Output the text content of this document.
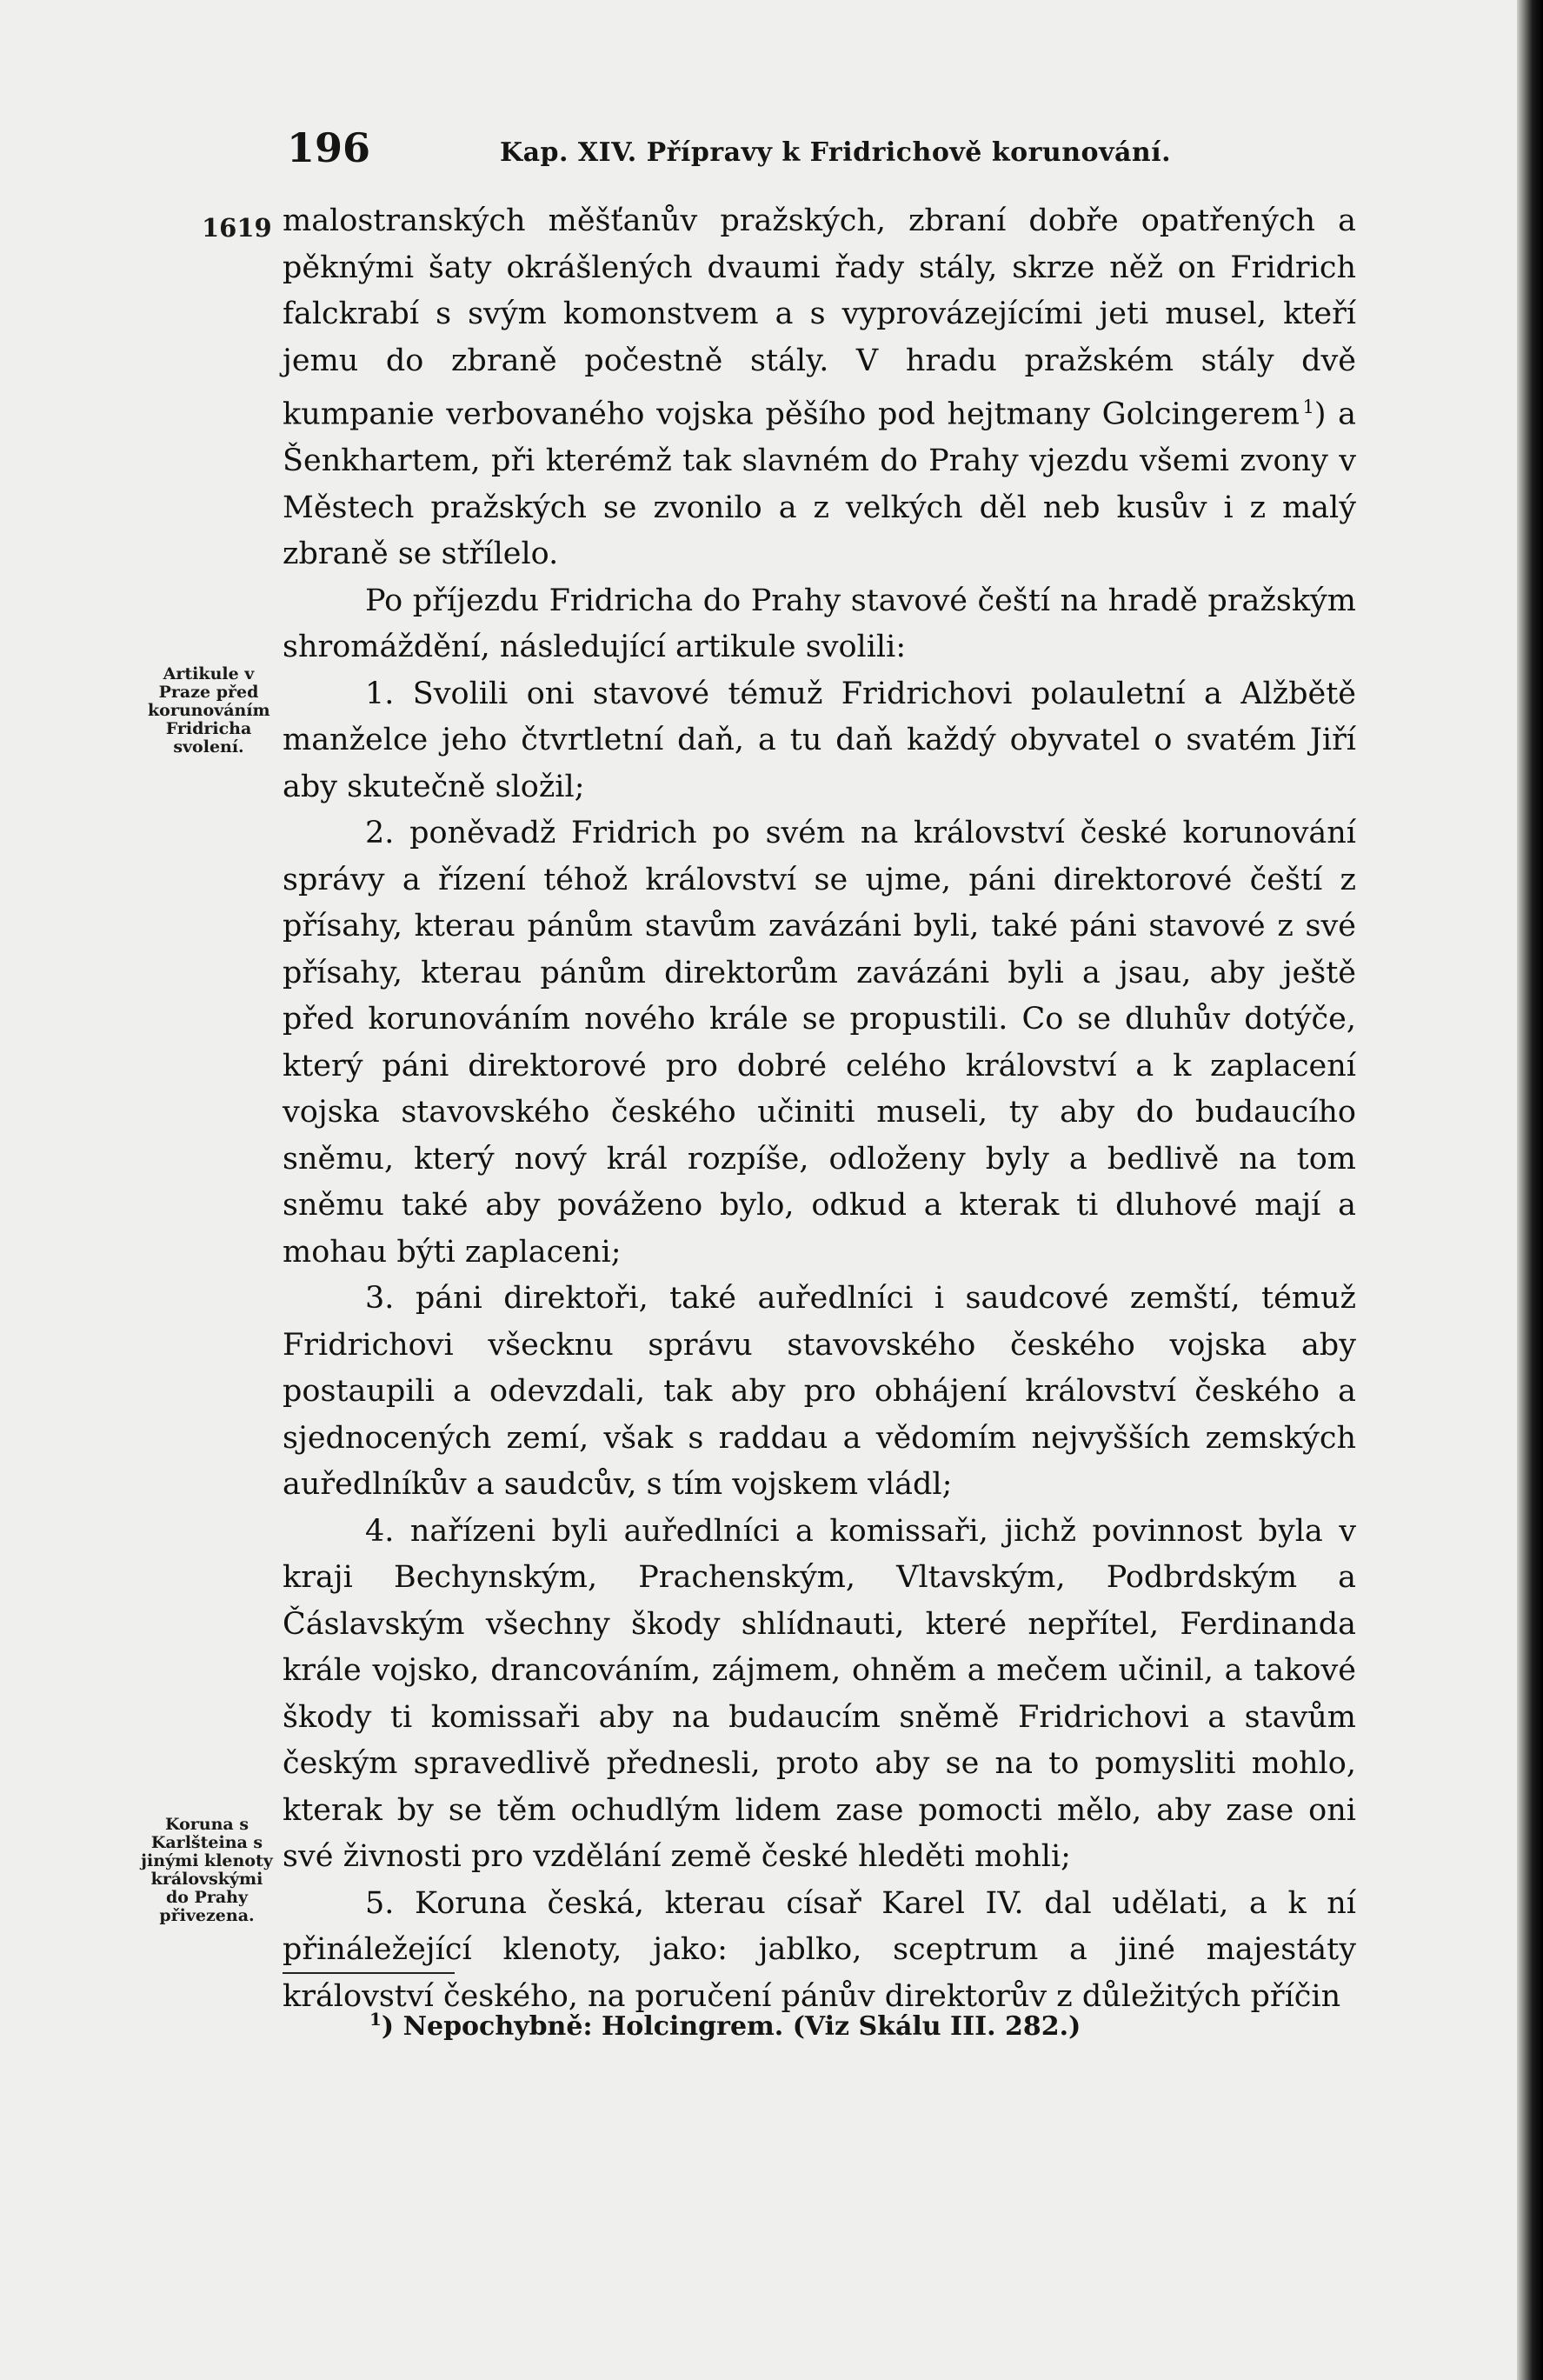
196	Kap. XIV. Přípravy k Fridrichově korunování.
1619
Artikule v Praze před korunováním Fridricha svolení.
Koruna s Karlšteina s jinými klenoty královskými do Prahy přivezena.

malostranských měšťanův pražských, zbraní dobře opatřených a pěknými šaty okrášlených dvaumi řady stály, skrze něž on Fridrich falckrabí s svým komonstvem a s vyprovázejícími jeti musel, kteří jemu do zbraně počestně stály. V hradu pražském stály dvě kumpanie verbovaného vojska pěšího pod hejtmany Golcingerem  $^1$) a Šenkhartem, při kterémž tak slavném do Prahy vjezdu všemi zvony v Městech pražských se zvonilo a z velkých děl neb kusův i z malý zbraně se střílelo.

Po příjezdu Fridricha do Prahy stavové čeští na hradě pražským shromáždění, následující artikule svolili:

1. Svolili oni stavové témuž Fridrichovi polauletní a Alžbětě manželce jeho čtvrtletní daň, a tu daň každý obyvatel o svatém Jiří aby skutečně složil;

2. poněvadž Fridrich po svém na království české korunování správy a řízení téhož království se ujme, páni direktorové čeští z přísahy, kterau pánům stavům zavázáni byli, také páni stavové z své přísahy, kterau pánům direktorům zavázáni byli a jsau, aby ještě před korunováním nového krále se propustili. Co se dluhův dotýče, který páni direktorové pro dobré celého království a k zaplacení vojska stavovského českého učiniti museli, ty aby do budaucího sněmu, který nový král rozpíše, odloženy byly a bedlivě na tom sněmu také aby pováženo bylo, odkud a kterak ti dluhové mají a mohau býti zaplaceni;

3. páni direktoři, také auředlníci i saudcové zemští, témuž Fridrichovi všecknu správu stavovského českého vojska aby postaupili a odevzdali, tak aby pro obhájení království českého a sjednocených zemí, však s raddau a vědomím nejvyšších zemských auředlníkův a saudcův, s tím vojskem vládl;

4. nařízeni byli auředlníci a komissaři, jichž povinnost byla v kraji Bechynským, Prachenským, Vltavským, Podbrdským a Čáslavským všechny škody shlídnauti, které nepřítel, Ferdinanda krále vojsko, drancováním, zájmem, ohněm a mečem učinil, a takové škody ti komissaři aby na budaucím sněmě Fridrichovi a stavům českým spravedlivě přednesli, proto aby se na to pomysliti mohlo, kterak by se těm ochudlým lidem zase pomocti mělo, aby zase oni své živnosti pro vzdělání země české hleděti mohli;

5. Koruna česká, kterau císař Karel IV. dal udělati, a k ní přináležející klenoty, jako: jablko, sceptrum a jiné majestáty království českého, na poručení pánův direktorův z důležitých příčin

$^1$) Nepochybně: Holcingrem. (Viz Skálu III. 282.)
